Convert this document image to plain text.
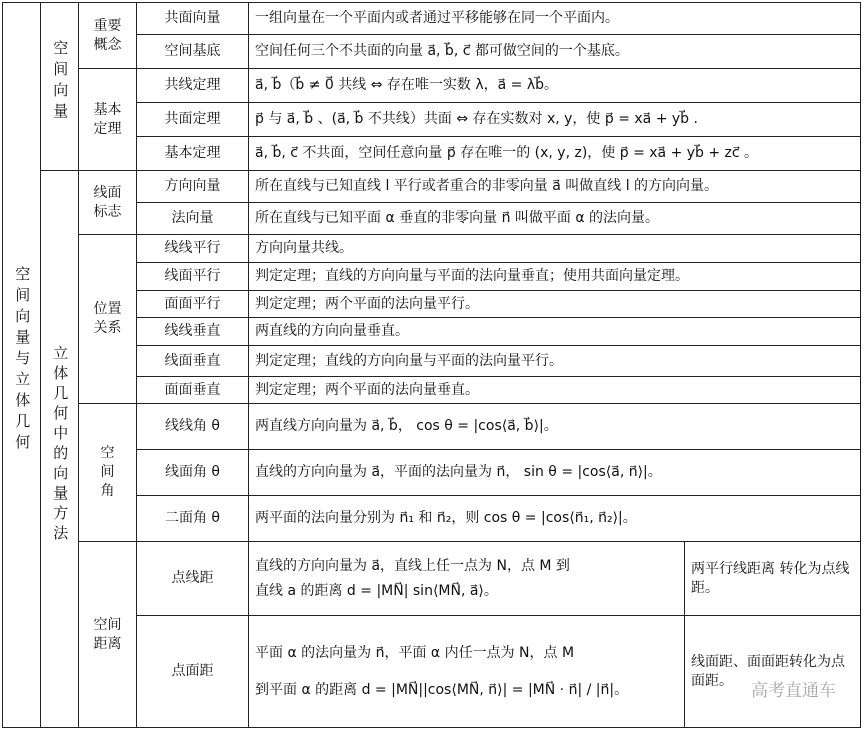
空间向量与立体几何	空间向量	重要概念	共面向量	一组向量在一个平面内或者通过平移能够在同一个平面内。	
			空间基底	空间任何三个不共面的向量 a⃗, b⃗, c⃗ 都可做空间的一个基底。	
		基本定理	共线定理	a⃗, b⃗（b⃗ ≠ 0⃗ 共线 ⇔ 存在唯一实数 λ，a⃗ = λb⃗。	
			共面定理	p⃗ 与 a⃗, b⃗ 、(a⃗, b⃗ 不共线）共面 ⇔ 存在实数对 x, y，使 p⃗ = xa⃗ + yb⃗ .	
			基本定理	a⃗, b⃗, c⃗ 不共面，空间任意向量 p⃗ 存在唯一的 (x, y, z)，使 p⃗ = xa⃗ + yb⃗ + zc⃗ 。	
	立体几何中的向量方法	线面标志	方向向量	所在直线与已知直线 l 平行或者重合的非零向量 a⃗ 叫做直线 l 的方向向量。	
			法向量	所在直线与已知平面 α 垂直的非零向量 n⃗ 叫做平面 α 的法向量。	
		位置关系	线线平行	方向向量共线。	
			线面平行	判定定理；直线的方向向量与平面的法向量垂直；使用共面向量定理。	
			面面平行	判定定理；两个平面的法向量平行。	
			线线垂直	两直线的方向向量垂直。	
			线面垂直	判定定理；直线的方向向量与平面的法向量平行。	
			面面垂直	判定定理；两个平面的法向量垂直。	
		空间角	线线角 θ	两直线方向向量为 a⃗, b⃗， cos θ = |cos⟨a⃗, b⃗⟩|。	
			线面角 θ	直线的方向向量为 a⃗，平面的法向量为 n⃗， sin θ = |cos⟨a⃗, n⃗⟩|。	
			二面角 θ	两平面的法向量分别为 n⃗₁ 和 n⃗₂，则 cos θ = |cos⟨n⃗₁, n⃗₂⟩|。	
		空间距离	点线距	直线的方向向量为 a⃗，直线上任一点为 N，点 M 到
直线 a 的距离 d = |MN⃗| sin⟨MN⃗, a⃗⟩。	两平行线距离 转化为点线距。
			点面距	平面 α 的法向量为 n⃗，平面 α 内任一点为 N，点 M
到平面 α 的距离 d = |MN⃗||cos⟨MN⃗, n⃗⟩| = |MN⃗ · n⃗| / |n⃗|。	线面距、面面距转化为点面距。
高考直通车
